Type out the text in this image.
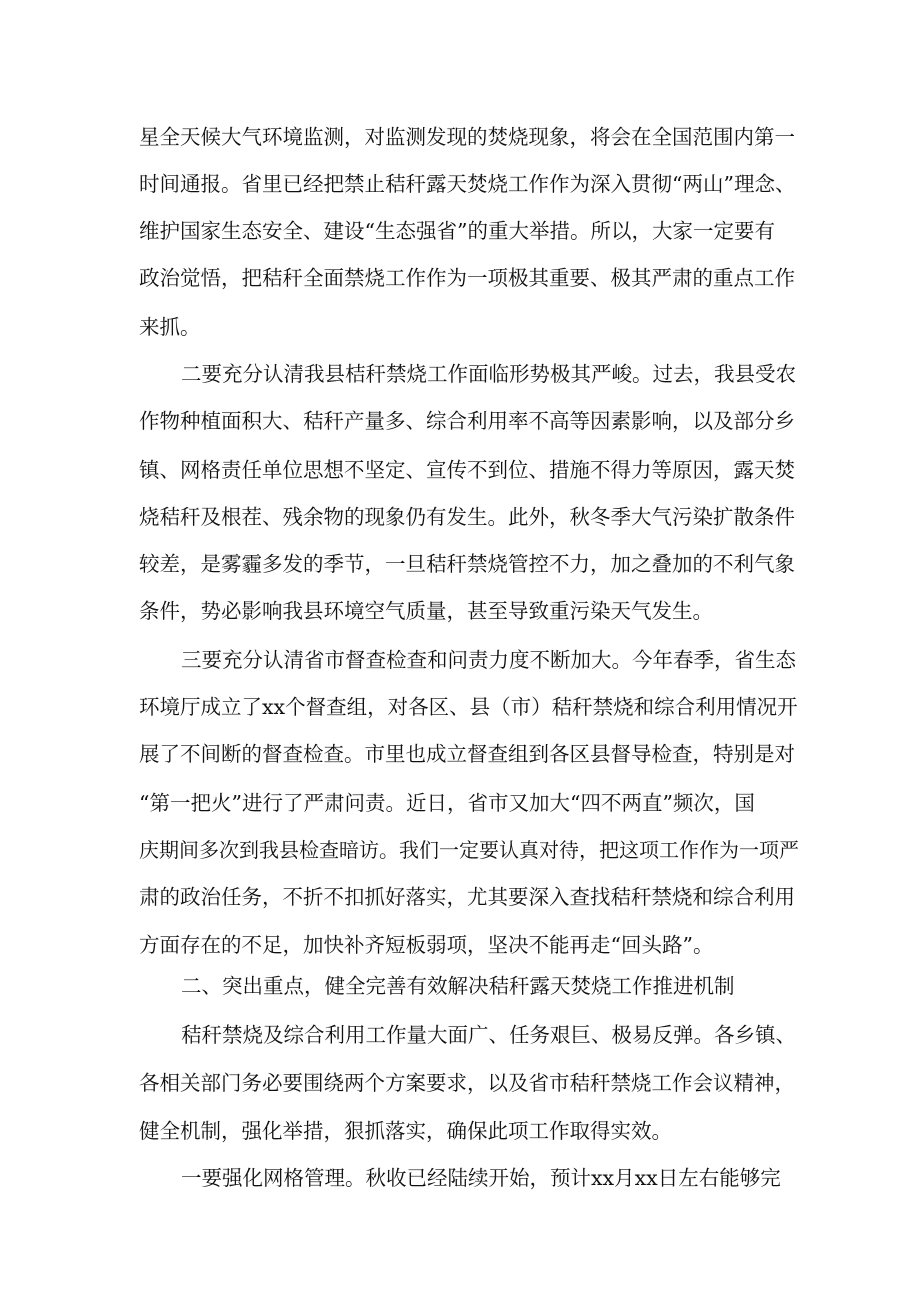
星全天候大气环境监测，对监测发现的焚烧现象，将会在全国范围内第一
时间通报。省里已经把禁止秸秆露天焚烧工作作为深入贯彻“两山”理念、
维护国家生态安全、建设“生态强省”的重大举措。所以，大家一定要有
政治觉悟，把秸秆全面禁烧工作作为一项极其重要、极其严肃的重点工作
来抓。
二要充分认清我县桔秆禁烧工作面临形势极其严峻。过去，我县受农
作物种植面积大、秸秆产量多、综合利用率不高等因素影响，以及部分乡
镇、网格责任单位思想不坚定、宣传不到位、措施不得力等原因，露天焚
烧秸秆及根茬、残余物的现象仍有发生。此外，秋冬季大气污染扩散条件
较差，是雾霾多发的季节，一旦秸秆禁烧管控不力，加之叠加的不利气象
条件，势必影响我县环境空气质量，甚至导致重污染天气发生。
三要充分认清省市督查检查和问责力度不断加大。今年春季，省生态
环境厅成立了xx个督查组，对各区、县（市）秸秆禁烧和综合利用情况开
展了不间断的督查检查。市里也成立督查组到各区县督导检查，特别是对
“第一把火”进行了严肃问责。近日，省市又加大“四不两直”频次，国
庆期间多次到我县检查暗访。我们一定要认真对待，把这项工作作为一项严
肃的政治任务，不折不扣抓好落实，尤其要深入查找秸秆禁烧和综合利用
方面存在的不足，加快补齐短板弱项，坚决不能再走“回头路”。
二、突出重点，健全完善有效解决秸秆露天焚烧工作推进机制
秸秆禁烧及综合利用工作量大面广、任务艰巨、极易反弹。各乡镇、
各相关部门务必要围绕两个方案要求，以及省市秸秆禁烧工作会议精神，
健全机制，强化举措，狠抓落实，确保此项工作取得实效。
一要强化网格管理。秋收已经陆续开始，预计xx月xx日左右能够完
